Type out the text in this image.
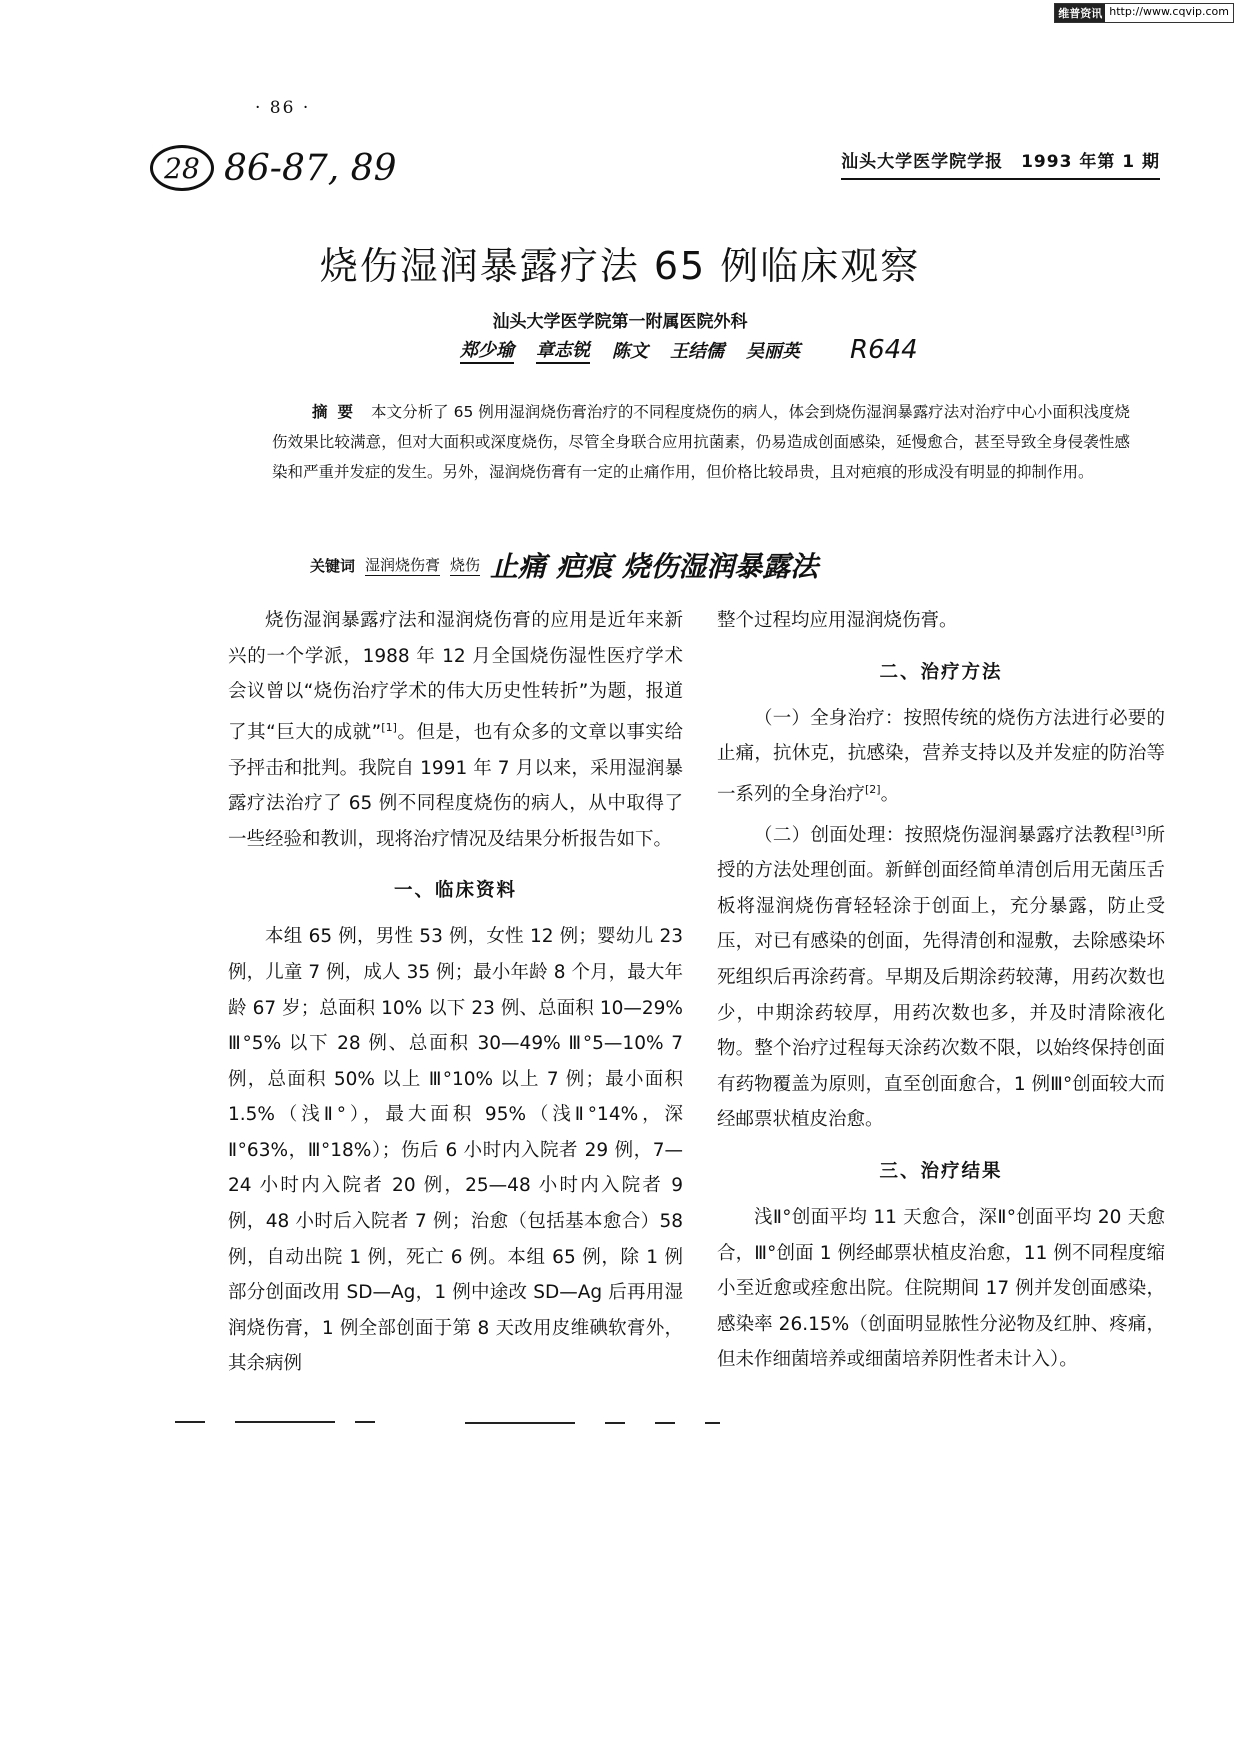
维普资讯 http://www.cqvip.com
· 86 ·
28 86-87, 89	汕头大学医学院学报　1993 年第 1 期
烧伤湿润暴露疗法 65 例临床观察
汕头大学医学院第一附属医院外科
郑少瑜 章志锐 陈文 王结儒 吴丽英 R644
摘要 本文分析了 65 例用湿润烧伤膏治疗的不同程度烧伤的病人，体会到烧伤湿润暴露疗法对治疗中心小面积浅度烧伤效果比较满意，但对大面积或深度烧伤，尽管全身联合应用抗菌素，仍易造成创面感染，延慢愈合，甚至导致全身侵袭性感染和严重并发症的发生。另外，湿润烧伤膏有一定的止痛作用，但价格比较昂贵，且对疤痕的形成没有明显的抑制作用。
关键词 湿润烧伤膏 烧伤 止痛 疤痕 烧伤湿润暴露法

烧伤湿润暴露疗法和湿润烧伤膏的应用是近年来新兴的一个学派，1988 年 12 月全国烧伤湿性医疗学术会议曾以“烧伤治疗学术的伟大历史性转折”为题，报道了其“巨大的成就”[1]。但是，也有众多的文章以事实给予抨击和批判。我院自 1991 年 7 月以来，采用湿润暴露疗法治疗了 65 例不同程度烧伤的病人，从中取得了一些经验和教训，现将治疗情况及结果分析报告如下。

一、临床资料

本组 65 例，男性 53 例，女性 12 例；婴幼儿 23 例，儿童 7 例，成人 35 例；最小年龄 8 个月，最大年龄 67 岁；总面积 10% 以下 23 例、总面积 10—29% Ⅲ°5% 以下 28 例、总面积 30—49% Ⅲ°5—10% 7 例，总面积 50% 以上 Ⅲ°10% 以上 7 例；最小面积 1.5%（浅Ⅱ°），最大面积 95%（浅Ⅱ°14%，深Ⅱ°63%，Ⅲ°18%）；伤后 6 小时内入院者 29 例，7—24 小时内入院者 20 例，25—48 小时内入院者 9 例，48 小时后入院者 7 例；治愈（包括基本愈合）58 例，自动出院 1 例，死亡 6 例。本组 65 例，除 1 例部分创面改用 SD—Ag，1 例中途改 SD—Ag 后再用湿润烧伤膏，1 例全部创面于第 8 天改用皮维碘软膏外，其余病例

整个过程均应用湿润烧伤膏。

二、治疗方法

（一）全身治疗：按照传统的烧伤方法进行必要的止痛，抗休克，抗感染，营养支持以及并发症的防治等一系列的全身治疗[2]。

（二）创面处理：按照烧伤湿润暴露疗法教程[3]所授的方法处理创面。新鲜创面经简单清创后用无菌压舌板将湿润烧伤膏轻轻涂于创面上，充分暴露，防止受压，对已有感染的创面，先得清创和湿敷，去除感染坏死组织后再涂药膏。早期及后期涂药较薄，用药次数也少，中期涂药较厚，用药次数也多，并及时清除液化物。整个治疗过程每天涂药次数不限，以始终保持创面有药物覆盖为原则，直至创面愈合，1 例Ⅲ°创面较大而经邮票状植皮治愈。

三、治疗结果

浅Ⅱ°创面平均 11 天愈合，深Ⅱ°创面平均 20 天愈合，Ⅲ°创面 1 例经邮票状植皮治愈，11 例不同程度缩小至近愈或痊愈出院。住院期间 17 例并发创面感染，感染率 26.15%（创面明显脓性分泌物及红肿、疼痛，但未作细菌培养或细菌培养阴性者未计入）。
